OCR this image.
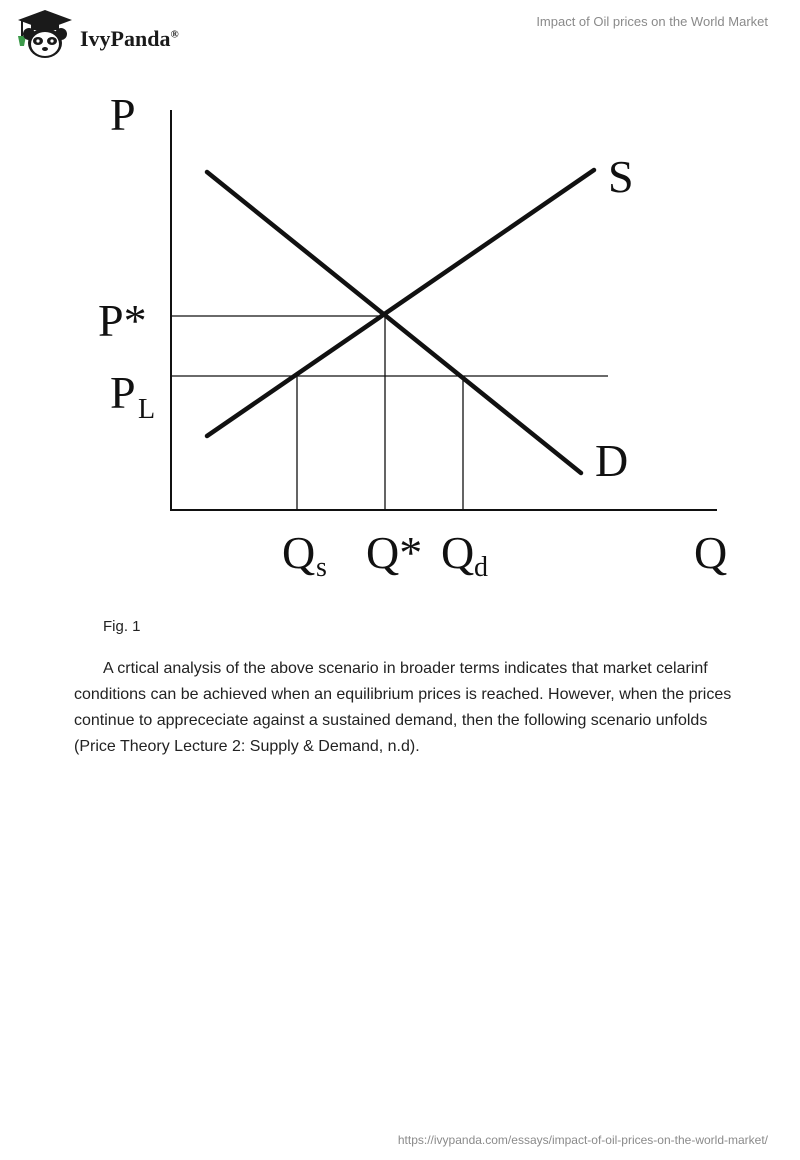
IvyPanda®
Impact of Oil prices on the World Market
P
S
D
P*
P L
Q s Q* Q d	Q
Fig. 1

A crtical analysis of the above scenario in broader terms indicates that market celarinf conditions can be achieved when an equilibrium prices is reached. However, when the prices continue to apprececiate against a sustained demand, then the following scenario unfolds (Price Theory Lecture 2: Supply & Demand, n.d).

https://ivypanda.com/essays/impact-of-oil-prices-on-the-world-market/
